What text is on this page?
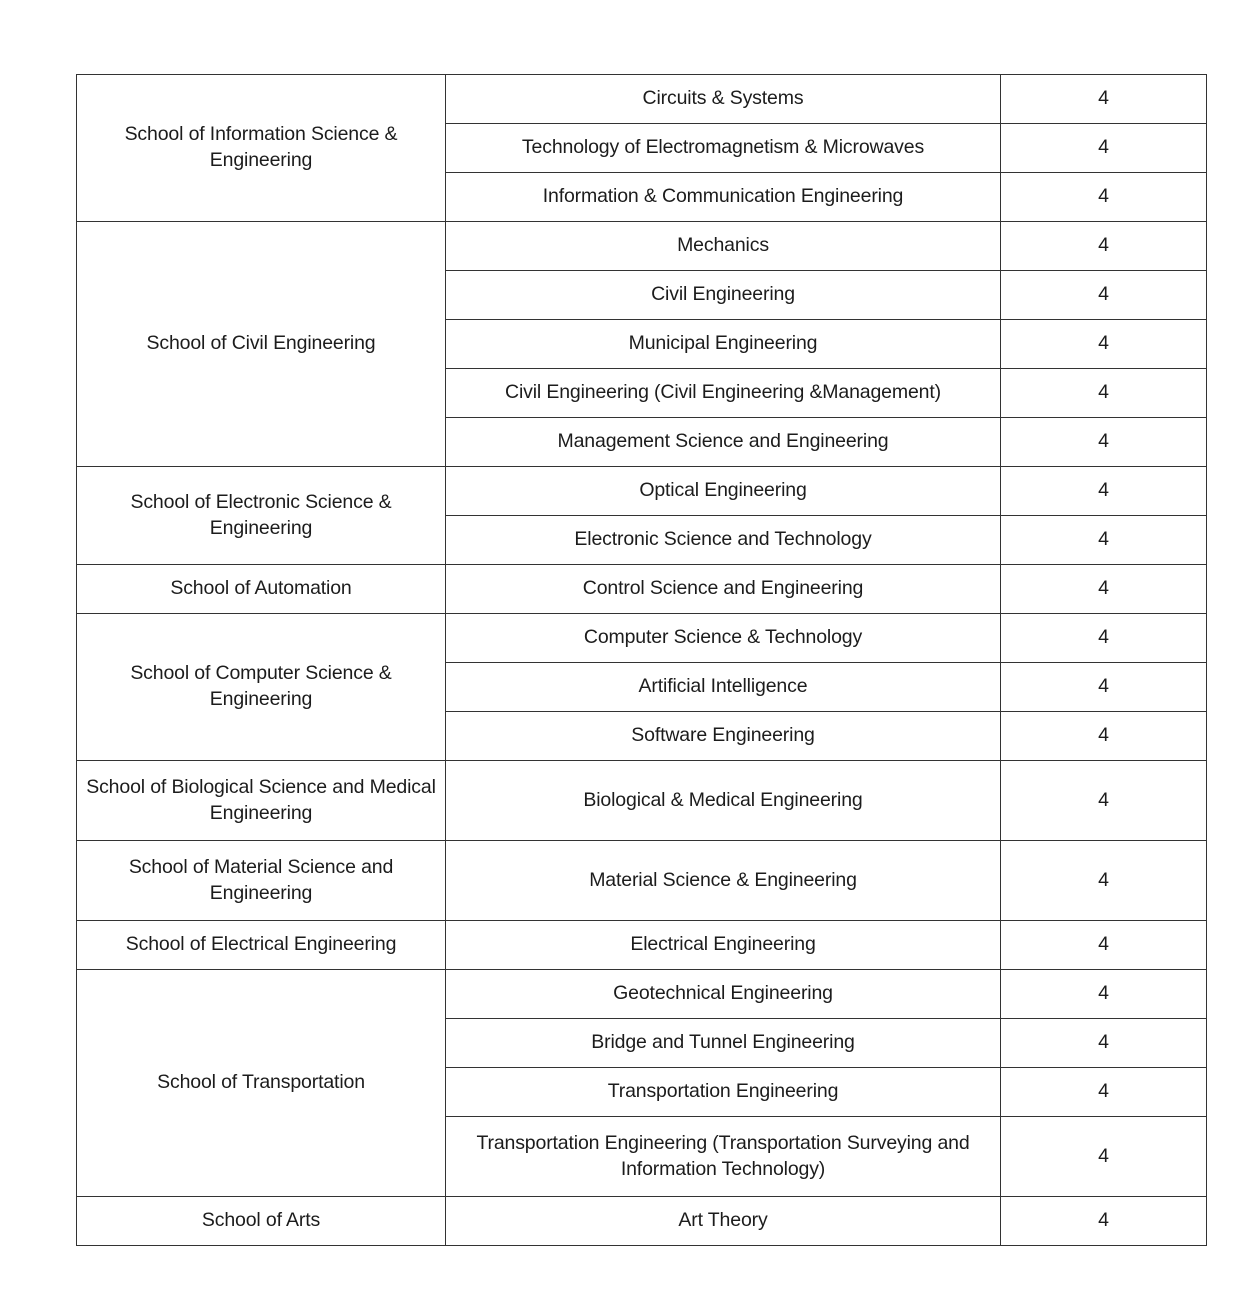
School of Information Science & Engineering	Circuits & Systems	4

	Technology of Electromagnetism & Microwaves	4

	Information & Communication Engineering	4

School of Civil Engineering	Mechanics	4

	Civil Engineering	4

	Municipal Engineering	4

	Civil Engineering (Civil Engineering &Management)	4

	Management Science and Engineering	4

School of Electronic Science & Engineering	Optical Engineering	4

	Electronic Science and Technology	4

School of Automation	Control Science and Engineering	4

School of Computer Science & Engineering	Computer Science & Technology	4

	Artificial Intelligence	4

	Software Engineering	4

School of Biological Science and Medical Engineering	Biological & Medical Engineering	4

School of Material Science and Engineering	Material Science & Engineering	4

School of Electrical Engineering	Electrical Engineering	4

School of Transportation	Geotechnical Engineering	4

	Bridge and Tunnel Engineering	4

	Transportation Engineering	4

	Transportation Engineering (Transportation Surveying and Information Technology)	4

School of Arts	Art Theory	4
